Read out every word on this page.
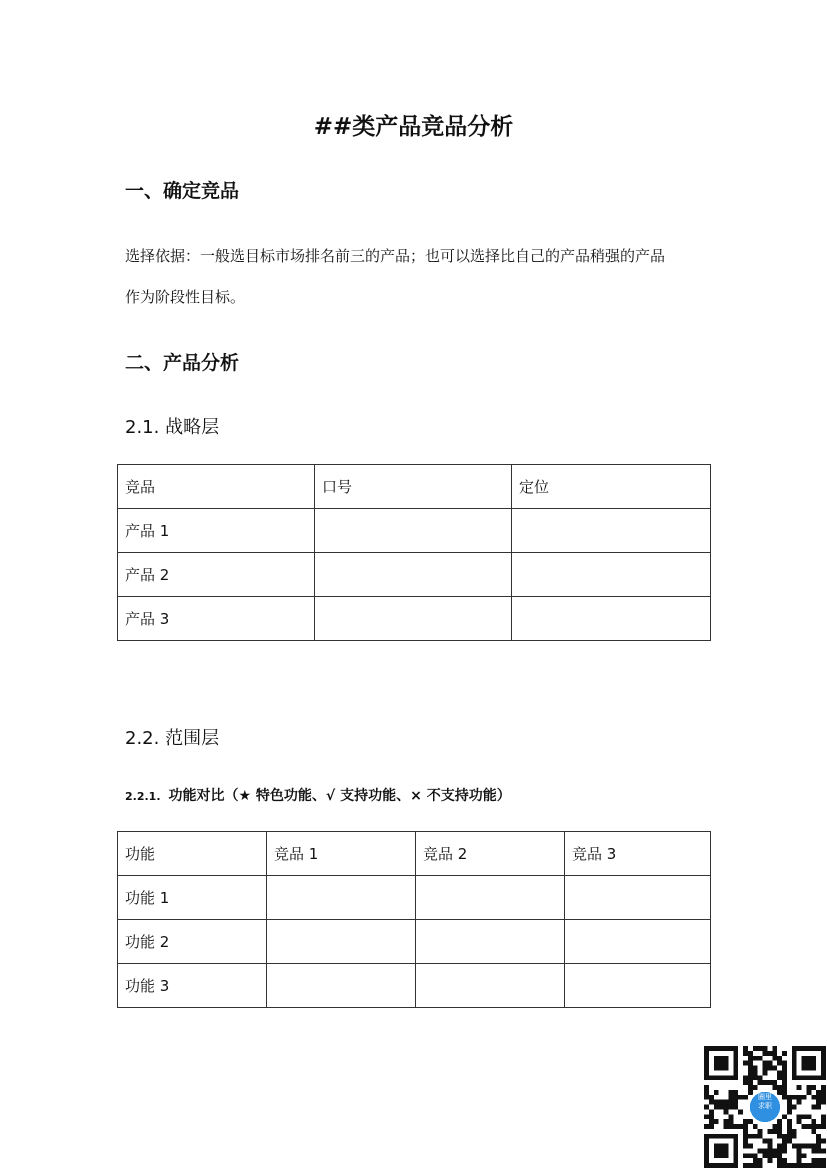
##类产品竞品分析
一、确定竞品
选择依据：一般选目标市场排名前三的产品；也可以选择比自己的产品稍强的产品
作为阶段性目标。
二、产品分析
2.1. 战略层
竞品	口号	定位
产品 1		
产品 2		
产品 3		
2.2. 范围层
2.2.1. 功能对比（★ 特色功能、√ 支持功能、× 不支持功能）
功能	竞品 1	竞品 2	竞品 3
功能 1			
功能 2			
功能 3			
圈里
求职
